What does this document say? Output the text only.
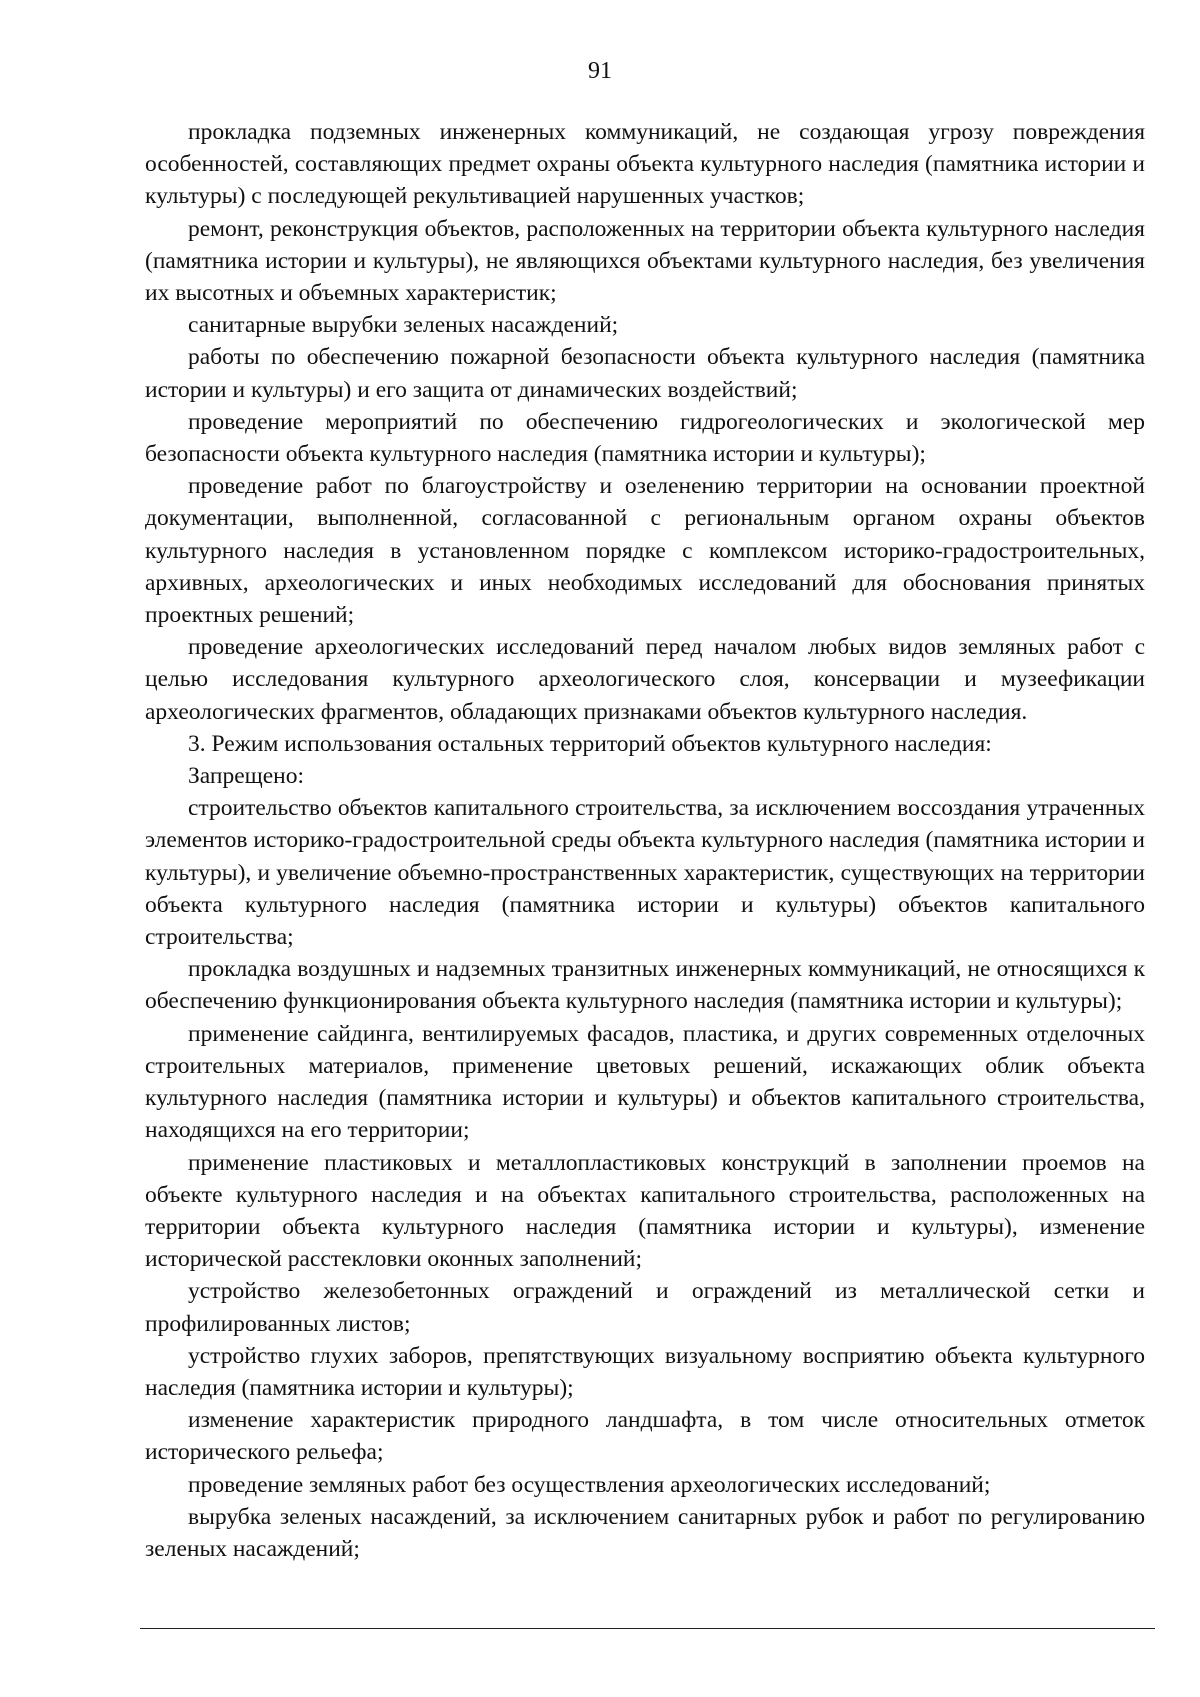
91

прокладка подземных инженерных коммуникаций, не создающая угрозу повреждения особенностей, составляющих предмет охраны объекта культурного наследия (памятника истории и культуры) с последующей рекультивацией нарушенных участков;

ремонт, реконструкция объектов, расположенных на территории объекта культурного наследия (памятника истории и культуры), не являющихся объектами культурного наследия, без увеличения их высотных и объемных характеристик;

санитарные вырубки зеленых насаждений;

работы по обеспечению пожарной безопасности объекта культурного наследия (памятника истории и культуры) и его защита от динамических воздействий;

проведение мероприятий по обеспечению гидрогеологических и экологической мер безопасности объекта культурного наследия (памятника истории и культуры);

проведение работ по благоустройству и озеленению территории на основании проектной документации, выполненной, согласованной с региональным органом охраны объектов культурного наследия в установленном порядке с комплексом историко-градостроительных, архивных, археологических и иных необходимых исследований для обоснования принятых проектных решений;

проведение археологических исследований перед началом любых видов земляных работ с целью исследования культурного археологического слоя, консервации и музеефикации археологических фрагментов, обладающих признаками объектов культурного наследия.

3. Режим использования остальных территорий объектов культурного наследия:

Запрещено:

строительство объектов капитального строительства, за исключением воссоздания утраченных элементов историко-градостроительной среды объекта культурного наследия (памятника истории и культуры), и увеличение объемно-пространственных характеристик, существующих на территории объекта культурного наследия (памятника истории и культуры) объектов капитального строительства;

прокладка воздушных и надземных транзитных инженерных коммуникаций, не относящихся к обеспечению функционирования объекта культурного наследия (памятника истории и культуры);

применение сайдинга, вентилируемых фасадов, пластика, и других современных отделочных строительных материалов, применение цветовых решений, искажающих облик объекта культурного наследия (памятника истории и культуры) и объектов капитального строительства, находящихся на его территории;

применение пластиковых и металлопластиковых конструкций в заполнении проемов на объекте культурного наследия и на объектах капитального строительства, расположенных на территории объекта культурного наследия (памятника истории и культуры), изменение исторической расстекловки оконных заполнений;

устройство железобетонных ограждений и ограждений из металлической сетки и профилированных листов;

устройство глухих заборов, препятствующих визуальному восприятию объекта культурного наследия (памятника истории и культуры);

изменение характеристик природного ландшафта, в том числе относительных отметок исторического рельефа;

проведение земляных работ без осуществления археологических исследований;

вырубка зеленых насаждений, за исключением санитарных рубок и работ по регулированию зеленых насаждений;
